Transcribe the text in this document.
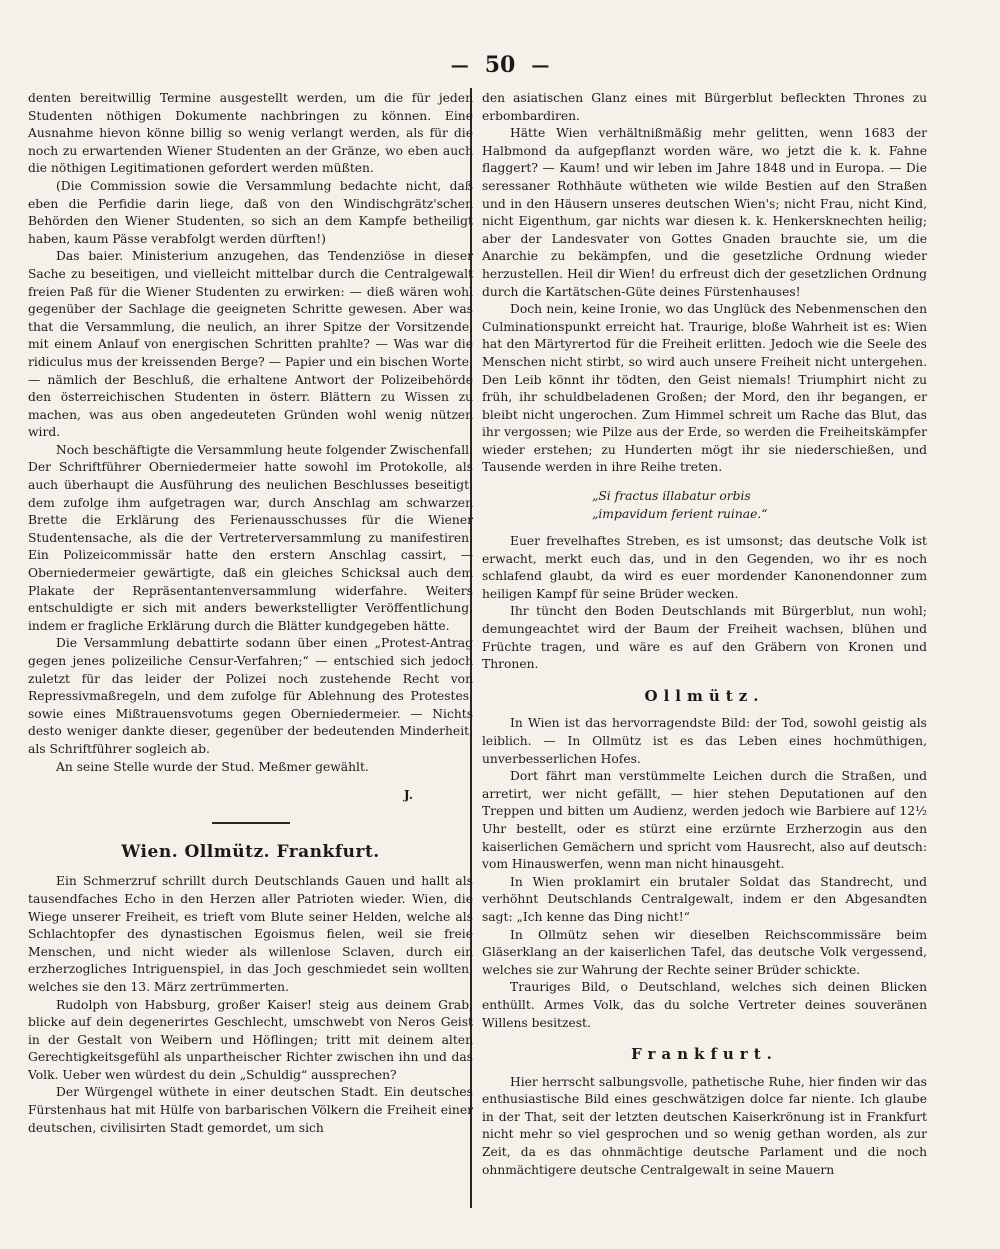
— 50 —

denten bereitwillig Termine ausgestellt werden, um die für jeden Studenten nöthigen Dokumente nachbringen zu können. Eine Ausnahme hievon könne billig so wenig verlangt werden, als für die noch zu erwartenden Wiener Studenten an der Gränze, wo eben auch die nöthigen Legitimationen gefordert werden müßten.

(Die Commission sowie die Versammlung bedachte nicht, daß eben die Perfidie darin liege, daß von den Windischgrätz'schen Behörden den Wiener Studenten, so sich an dem Kampfe betheiligt haben, kaum Pässe verabfolgt werden dürften!)

Das baier. Ministerium anzugehen, das Tendenziöse in dieser Sache zu beseitigen, und vielleicht mittelbar durch die Centralgewalt freien Paß für die Wiener Studenten zu erwirken: — dieß wären wohl gegenüber der Sachlage die geeigneten Schritte gewesen. Aber was that die Versammlung, die neulich, an ihrer Spitze der Vorsitzende, mit einem Anlauf von energischen Schritten prahlte? — Was war die ridiculus mus der kreissenden Berge? — Papier und ein bischen Worte, — nämlich der Beschluß, die erhaltene Antwort der Polizeibehörde den österreichischen Studenten in österr. Blättern zu Wissen zu machen, was aus oben angedeuteten Gründen wohl wenig nützen wird.

Noch beschäftigte die Versammlung heute folgender Zwischenfall. Der Schriftführer Oberniedermeier hatte sowohl im Protokolle, als auch überhaupt die Ausführung des neulichen Beschlusses beseitigt, dem zufolge ihm aufgetragen war, durch Anschlag am schwarzen Brette die Erklärung des Ferienausschusses für die Wiener Studentensache, als die der Vertreterversammlung zu manifestiren. Ein Polizeicommissär hatte den erstern Anschlag cassirt, — Oberniedermeier gewärtigte, daß ein gleiches Schicksal auch dem Plakate der Repräsentantenversammlung widerfahre. Weiters entschuldigte er sich mit anders bewerkstelligter Veröffentlichung, indem er fragliche Erklärung durch die Blätter kundgegeben hätte.

Die Versammlung debattirte sodann über einen „Protest-Antrag gegen jenes polizeiliche Censur-Verfahren;“ — entschied sich jedoch zuletzt für das leider der Polizei noch zustehende Recht von Repressivmaßregeln, und dem zufolge für Ablehnung des Protestes, sowie eines Mißtrauensvotums gegen Oberniedermeier. — Nichts desto weniger dankte dieser, gegenüber der bedeutenden Minderheit, als Schriftführer sogleich ab.

An seine Stelle wurde der Stud. Meßmer gewählt.

J.

Wien. Ollmütz. Frankfurt.

Ein Schmerzruf schrillt durch Deutschlands Gauen und hallt als tausendfaches Echo in den Herzen aller Patrioten wieder. Wien, die Wiege unserer Freiheit, es trieft vom Blute seiner Helden, welche als Schlachtopfer des dynastischen Egoismus fielen, weil sie freie Menschen, und nicht wieder als willenlose Sclaven, durch ein erzherzogliches Intriguenspiel, in das Joch geschmiedet sein wollten, welches sie den 13. März zertrümmerten.

Rudolph von Habsburg, großer Kaiser! steig aus deinem Grab, blicke auf dein degenerirtes Geschlecht, umschwebt von Neros Geist in der Gestalt von Weibern und Höflingen; tritt mit deinem alten Gerechtigkeitsgefühl als unpartheischer Richter zwischen ihn und das Volk. Ueber wen würdest du dein „Schuldig“ aussprechen?

Der Würgengel wüthete in einer deutschen Stadt. Ein deutsches Fürstenhaus hat mit Hülfe von barbarischen Völkern die Freiheit einer deutschen, civilisirten Stadt gemordet, um sich

den asiatischen Glanz eines mit Bürgerblut befleckten Thrones zu erbombardiren.

Hätte Wien verhältnißmäßig mehr gelitten, wenn 1683 der Halbmond da aufgepflanzt worden wäre, wo jetzt die k. k. Fahne flaggert? — Kaum! und wir leben im Jahre 1848 und in Europa. — Die seressaner Rothhäute wütheten wie wilde Bestien auf den Straßen und in den Häusern unseres deutschen Wien's; nicht Frau, nicht Kind, nicht Eigenthum, gar nichts war diesen k. k. Henkersknechten heilig; aber der Landesvater von Gottes Gnaden brauchte sie, um die Anarchie zu bekämpfen, und die gesetzliche Ordnung wieder herzustellen. Heil dir Wien! du erfreust dich der gesetzlichen Ordnung durch die Kartätschen-Güte deines Fürstenhauses!

Doch nein, keine Ironie, wo das Unglück des Nebenmenschen den Culminationspunkt erreicht hat. Traurige, bloße Wahrheit ist es: Wien hat den Märtyrertod für die Freiheit erlitten. Jedoch wie die Seele des Menschen nicht stirbt, so wird auch unsere Freiheit nicht untergehen. Den Leib könnt ihr tödten, den Geist niemals! Triumphirt nicht zu früh, ihr schuldbeladenen Großen; der Mord, den ihr begangen, er bleibt nicht ungerochen. Zum Himmel schreit um Rache das Blut, das ihr vergossen; wie Pilze aus der Erde, so werden die Freiheitskämpfer wieder erstehen; zu Hunderten mögt ihr sie niederschießen, und Tausende werden in ihre Reihe treten.

„Si fractus illabatur orbis
„impavidum ferient ruinae.“

Euer frevelhaftes Streben, es ist umsonst; das deutsche Volk ist erwacht, merkt euch das, und in den Gegenden, wo ihr es noch schlafend glaubt, da wird es euer mordender Kanonendonner zum heiligen Kampf für seine Brüder wecken.

Ihr tüncht den Boden Deutschlands mit Bürgerblut, nun wohl; demungeachtet wird der Baum der Freiheit wachsen, blühen und Früchte tragen, und wäre es auf den Gräbern von Kronen und Thronen.

Ollmütz.

In Wien ist das hervorragendste Bild: der Tod, sowohl geistig als leiblich. — In Ollmütz ist es das Leben eines hochmüthigen, unverbesserlichen Hofes.

Dort fährt man verstümmelte Leichen durch die Straßen, und arretirt, wer nicht gefällt, — hier stehen Deputationen auf den Treppen und bitten um Audienz, werden jedoch wie Barbiere auf 12½ Uhr bestellt, oder es stürzt eine erzürnte Erzherzogin aus den kaiserlichen Gemächern und spricht vom Hausrecht, also auf deutsch: vom Hinauswerfen, wenn man nicht hinausgeht.

In Wien proklamirt ein brutaler Soldat das Standrecht, und verhöhnt Deutschlands Centralgewalt, indem er den Abgesandten sagt: „Ich kenne das Ding nicht!“

In Ollmütz sehen wir dieselben Reichscommissäre beim Gläserklang an der kaiserlichen Tafel, das deutsche Volk vergessend, welches sie zur Wahrung der Rechte seiner Brüder schickte.

Trauriges Bild, o Deutschland, welches sich deinen Blicken enthüllt. Armes Volk, das du solche Vertreter deines souveränen Willens besitzest.

Frankfurt.

Hier herrscht salbungsvolle, pathetische Ruhe, hier finden wir das enthusiastische Bild eines geschwätzigen dolce far niente. Ich glaube in der That, seit der letzten deutschen Kaiserkrönung ist in Frankfurt nicht mehr so viel gesprochen und so wenig gethan worden, als zur Zeit, da es das ohnmächtige deutsche Parlament und die noch ohnmächtigere deutsche Centralgewalt in seine Mauern
